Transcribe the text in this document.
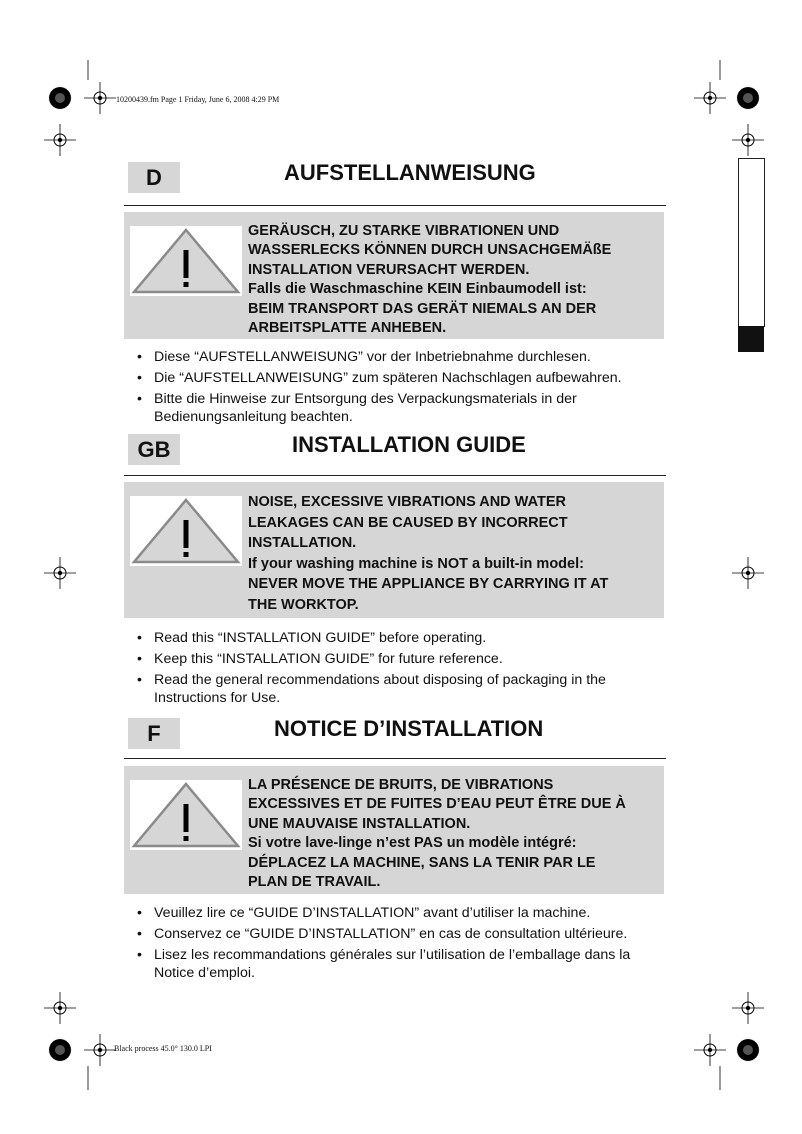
10200439.fm Page 1 Friday, June 6, 2008 4:29 PM
Black process 45.0° 130.0 LPI
D	AUFSTELLANWEISUNG
GERÄUSCH, ZU STARKE VIBRATIONEN UND
WASSERLECKS KÖNNEN DURCH UNSACHGEMÄßE
INSTALLATION VERURSACHT WERDEN.
Falls die Waschmaschine KEIN Einbaumodell ist:
BEIM TRANSPORT DAS GERÄT NIEMALS AN DER
ARBEITSPLATTE ANHEBEN.
• Diese “AUFSTELLANWEISUNG” vor der Inbetriebnahme durchlesen.
• Die “AUFSTELLANWEISUNG” zum späteren Nachschlagen aufbewahren.
• Bitte die Hinweise zur Entsorgung des Verpackungsmaterials in der Bedienungsanleitung beachten.
GB	INSTALLATION GUIDE
NOISE, EXCESSIVE VIBRATIONS AND WATER
LEAKAGES CAN BE CAUSED BY INCORRECT
INSTALLATION.
If your washing machine is NOT a built-in model:
NEVER MOVE THE APPLIANCE BY CARRYING IT AT
THE WORKTOP.
• Read this “INSTALLATION GUIDE” before operating.
• Keep this “INSTALLATION GUIDE” for future reference.
• Read the general recommendations about disposing of packaging in the Instructions for Use.
F	NOTICE D’INSTALLATION
LA PRÉSENCE DE BRUITS, DE VIBRATIONS
EXCESSIVES ET DE FUITES D’EAU PEUT ÊTRE DUE À
UNE MAUVAISE INSTALLATION.
Si votre lave-linge n’est PAS un modèle intégré:
DÉPLACEZ LA MACHINE, SANS LA TENIR PAR LE
PLAN DE TRAVAIL.
• Veuillez lire ce “GUIDE D’INSTALLATION” avant d’utiliser la machine.
• Conservez ce “GUIDE D’INSTALLATION” en cas de consultation ultérieure.
• Lisez les recommandations générales sur l’utilisation de l’emballage dans la Notice d’emploi.
